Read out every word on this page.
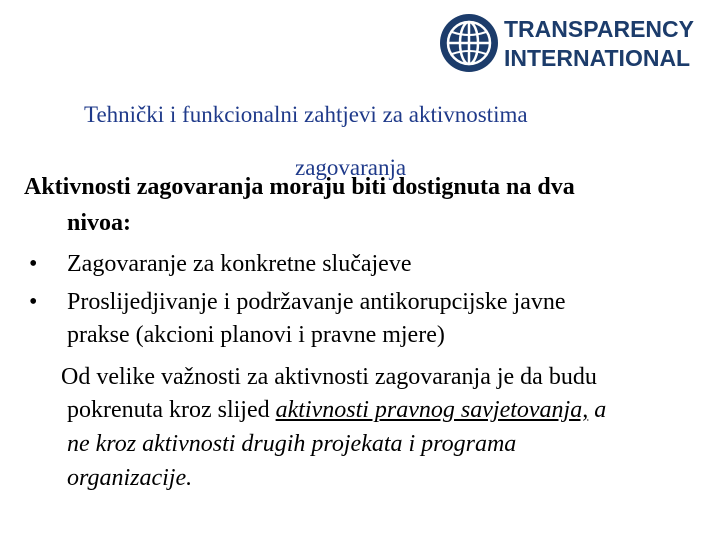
TRANSPARENCY
INTERNATIONAL
Tehnički i funkcionalni zahtjevi za aktivnostima
zagovaranja
Aktivnosti zagovaranja moraju biti dostignuta na dva
nivoa:
• Zagovaranje za konkretne slučajeve
• Proslijedjivanje i podržavanje antikorupcijske javne
prakse (akcioni planovi i pravne mjere)
Od velike važnosti za aktivnosti zagovaranja je da budu
pokrenuta kroz slijed aktivnosti pravnog savjetovanja, a
ne kroz aktivnosti drugih projekata i programa
organizacije.
